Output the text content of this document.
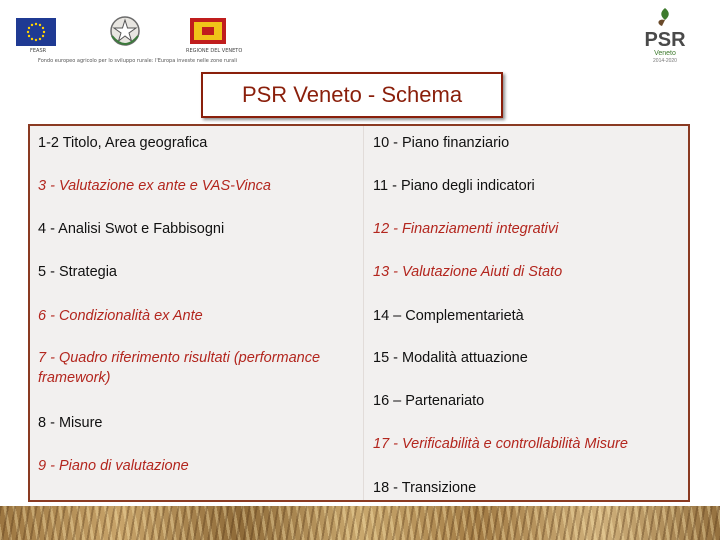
FEASR	REGIONE DEL VENETO
Fondo europeo agricolo per lo sviluppo rurale: l'Europa investe nelle zone rurali
PSR
Veneto
2014-2020
PSR Veneto - Schema
1-2 Titolo, Area geografica
3 - Valutazione ex ante e VAS-Vinca
4 - Analisi Swot e Fabbisogni
5 - Strategia
6 - Condizionalità ex Ante
7 - Quadro riferimento risultati (performance framework)
8 - Misure
9 - Piano di valutazione
10 - Piano finanziario
11 - Piano degli indicatori
12 - Finanziamenti integrativi
13 - Valutazione Aiuti di Stato
14 – Complementarietà
15 - Modalità attuazione
16 – Partenariato
17 - Verificabilità e controllabilità Misure
18 - Transizione
